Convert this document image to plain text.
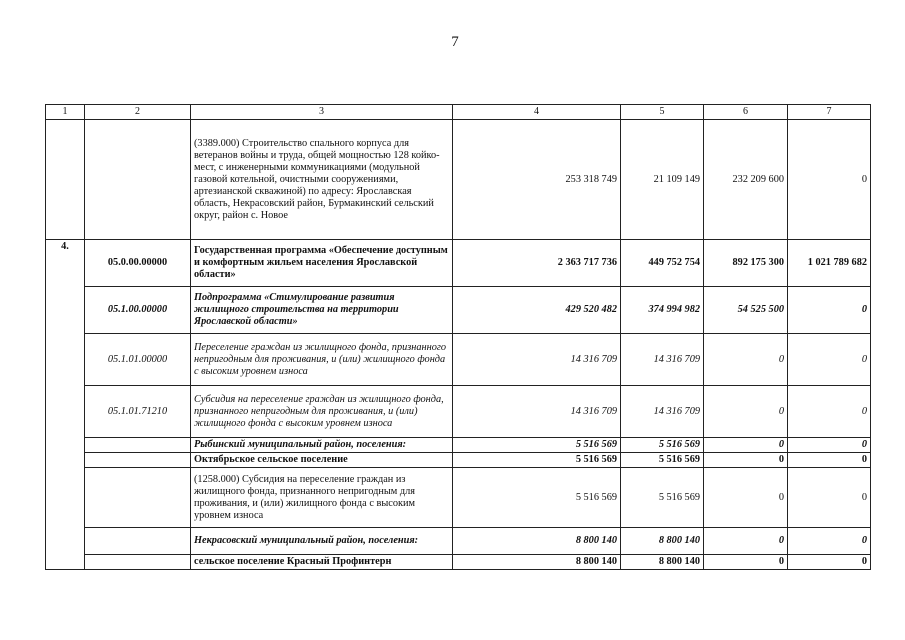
7
1	2	3	4	5	6	7
		(3389.000) Строительство спального корпуса для ветеранов войны и труда, общей мощностью 128 койко-мест, с инженерными коммуникациями (модульной газовой котельной, очистными сооружениями, артезианской скважиной) по адресу: Ярославская область, Некрасовский район, Бурмакинский сельский округ, район с. Новое	253 318 749	21 109 149	232 209 600	0
4.	05.0.00.00000	Государственная программа «Обеспечение доступным и комфортным жильем населения Ярославской области»	2 363 717 736	449 752 754	892 175 300	1 021 789 682
	05.1.00.00000	Подпрограмма «Стимулирование развития жилищного строительства на территории Ярославской области»	429 520 482	374 994 982	54 525 500	0
	05.1.01.00000	Переселение граждан из жилищного фонда, признанного непригодным для проживания, и (или) жилищного фонда с высоким уровнем износа	14 316 709	14 316 709	0	0
	05.1.01.71210	Субсидия на переселение граждан из жилищного фонда, признанного непригодным для проживания, и (или) жилищного фонда с высоким уровнем износа	14 316 709	14 316 709	0	0
		Рыбинский муниципальный район, поселения:	5 516 569	5 516 569	0	0
		Октябрьское сельское поселение	5 516 569	5 516 569	0	0
		(1258.000) Субсидия на переселение граждан из жилищного фонда, признанного непригодным для проживания, и (или) жилищного фонда с высоким уровнем износа	5 516 569	5 516 569	0	0
		Некрасовский муниципальный район, поселения:	8 800 140	8 800 140	0	0
		сельское поселение Красный Профинтерн	8 800 140	8 800 140	0	0
